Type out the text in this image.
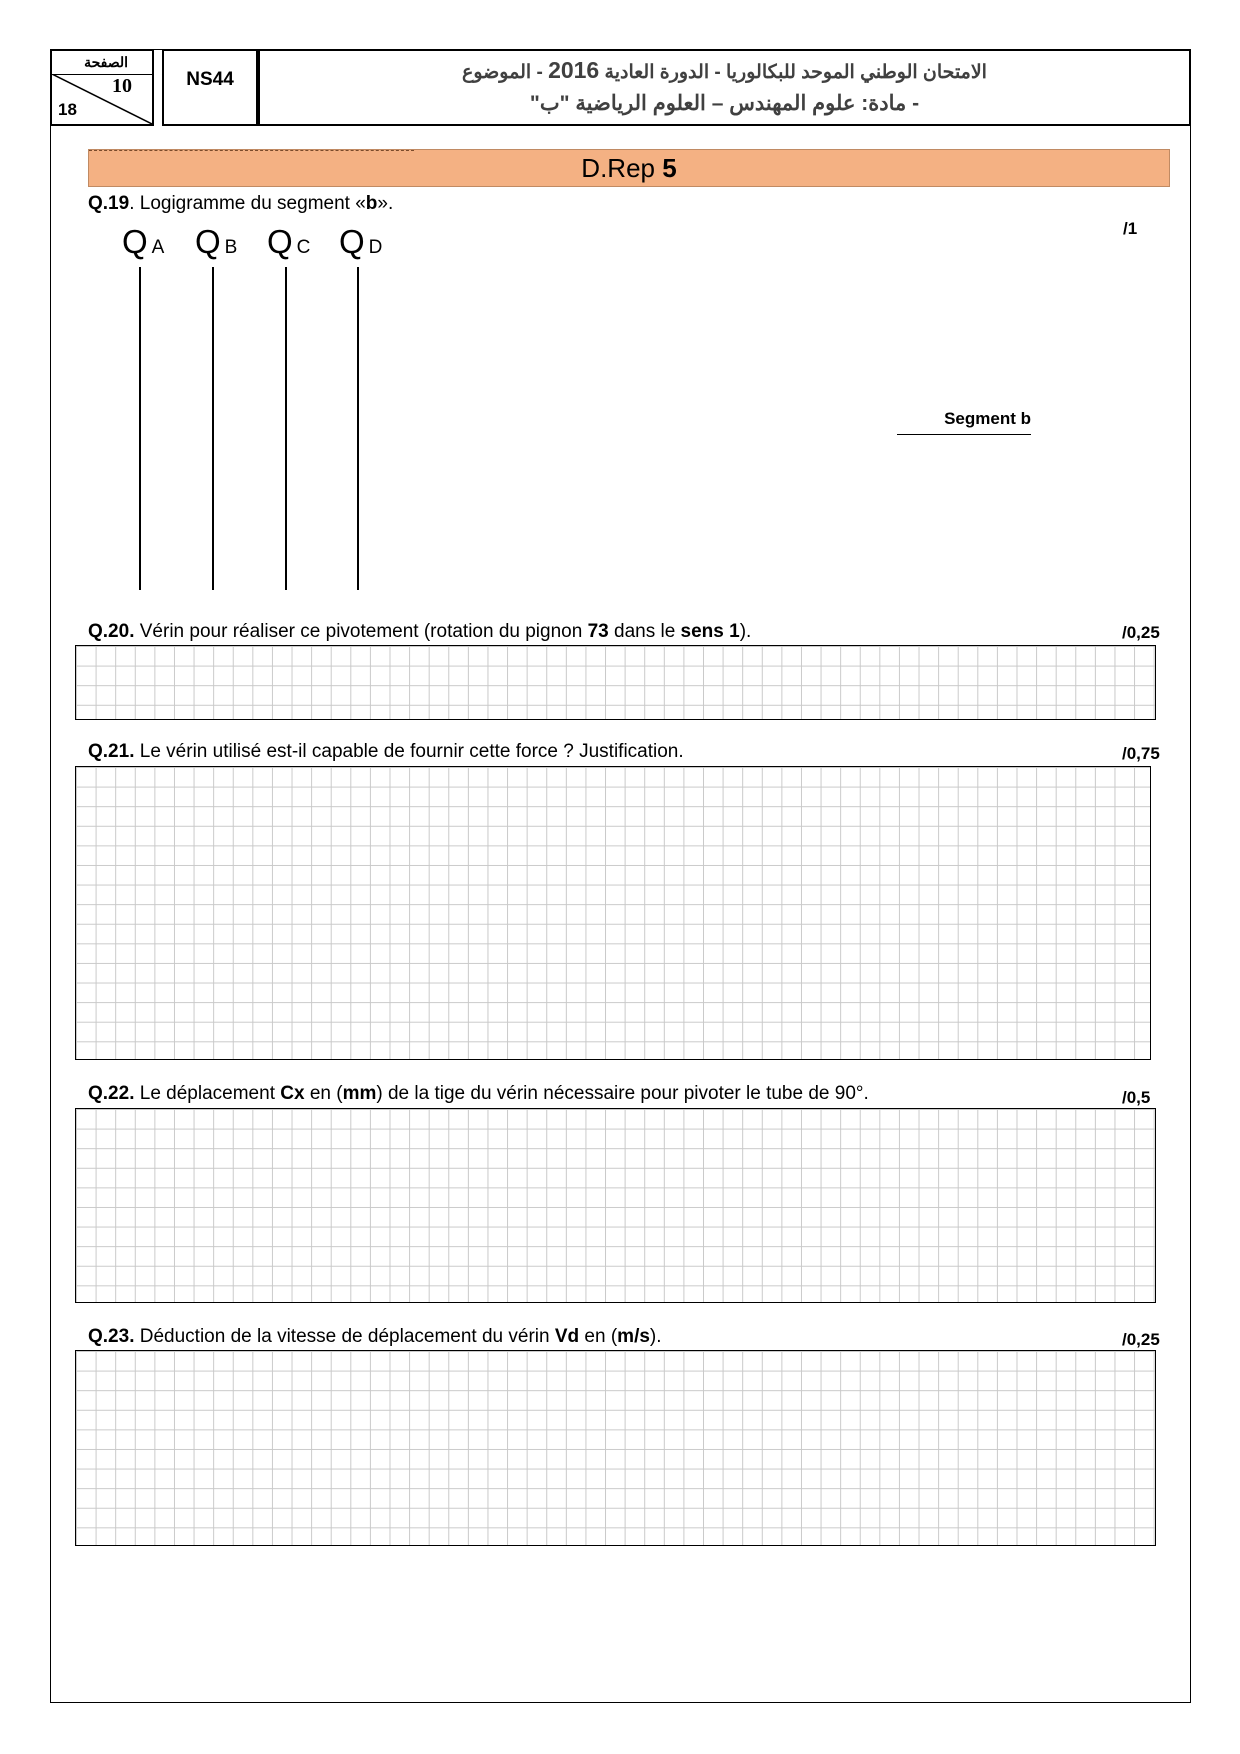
الصفحة
10
18
NS44	الامتحان الوطني الموحد للبكالوريا - الدورة العادية 2016 - الموضوع
- مادة: علوم المهندس – العلوم الرياضية "ب"
D.Rep 5
Q.19. Logigramme du segment «b».
/1
Q A Q B Q C Q D
Segment b
Q.20. Vérin pour réaliser ce pivotement (rotation du pignon 73 dans le sens 1).	/0,25
Q.21. Le vérin utilisé est-il capable de fournir cette force ? Justification.	/0,75
Q.22. Le déplacement Cx en (mm) de la tige du vérin nécessaire pour pivoter le tube de 90°.	/0,5
Q.23. Déduction de la vitesse de déplacement du vérin Vd en (m/s).	/0,25
